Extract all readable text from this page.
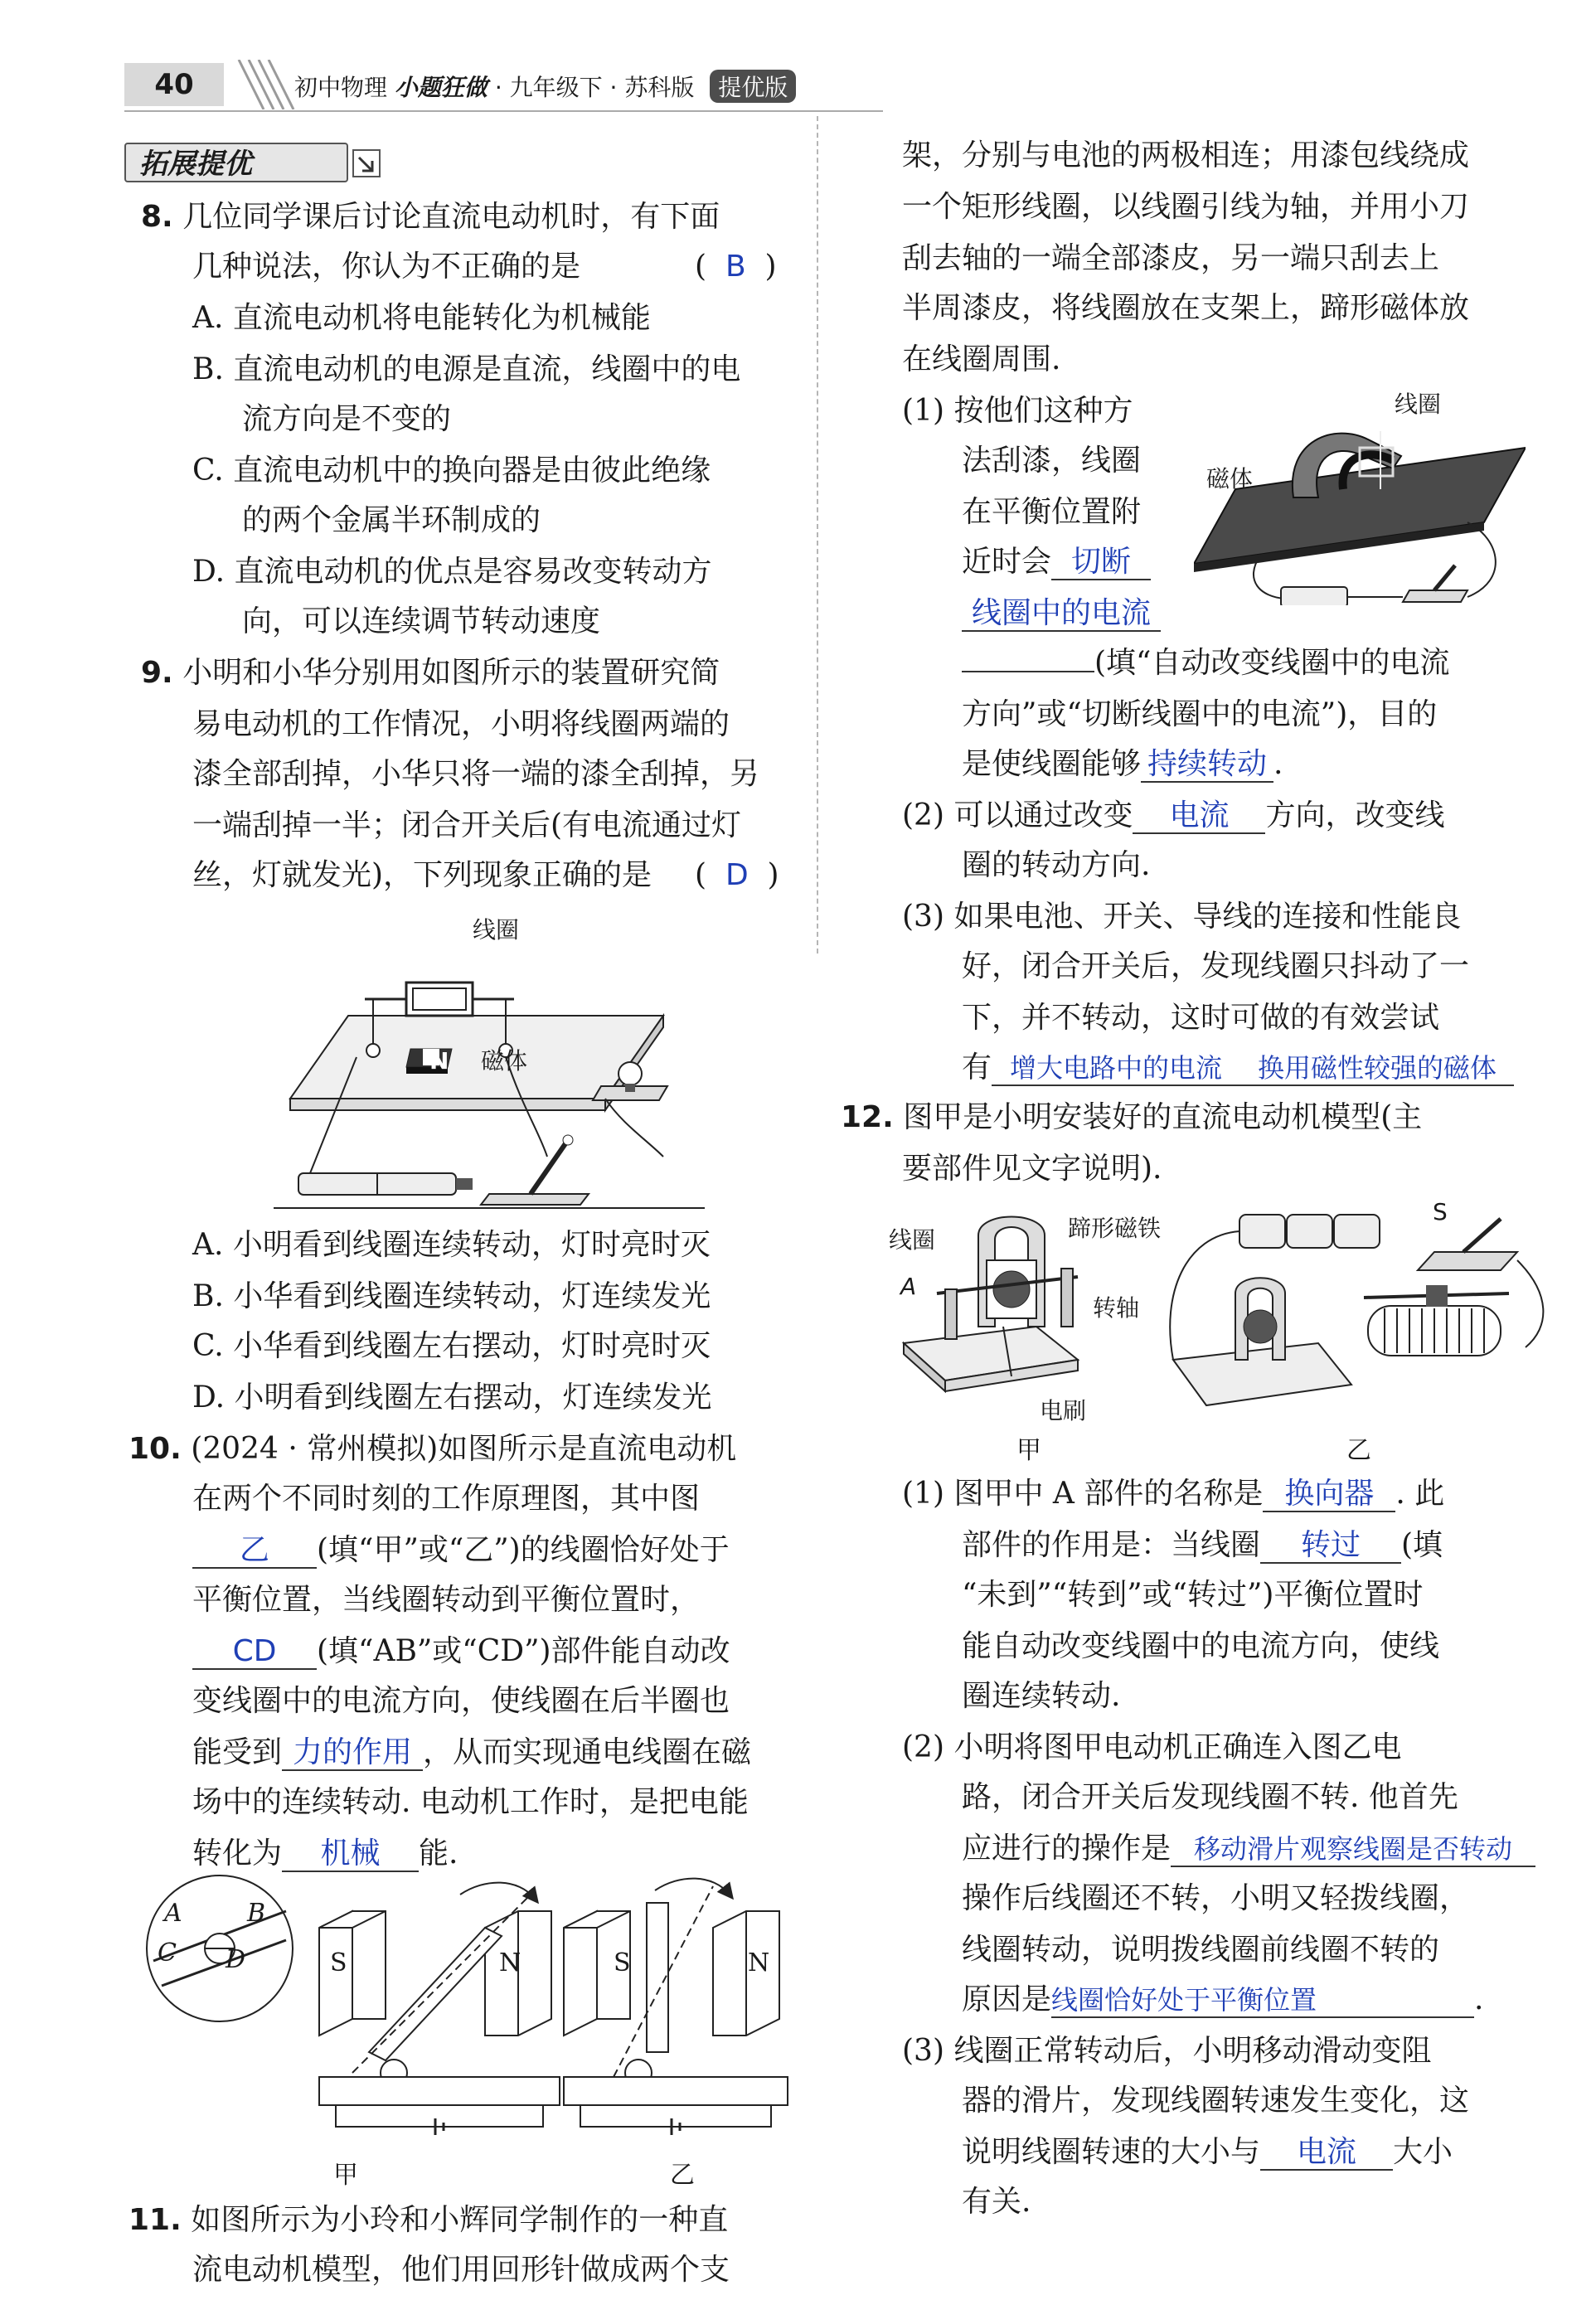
40	初中物理 小题狂做 · 九年级下 · 苏科版 提优版
拓展提优
8. 几位同学课后讨论直流电动机时，有下面
几种说法，你认为不正确的是	(  B  )
A. 直流电动机将电能转化为机械能
B. 直流电动机的电源是直流，线圈中的电
流方向是不变的
C. 直流电动机中的换向器是由彼此绝缘
的两个金属半环制成的
D. 直流电动机的优点是容易改变转动方
向，可以连续调节转动速度
9. 小明和小华分别用如图所示的装置研究简
易电动机的工作情况，小明将线圈两端的
漆全部刮掉，小华只将一端的漆全刮掉，另
一端刮掉一半；闭合开关后(有电流通过灯
丝，灯就发光)，下列现象正确的是 (  D  )
线圈
N 磁体
A. 小明看到线圈连续转动，灯时亮时灭
B. 小华看到线圈连续转动，灯连续发光
C. 小华看到线圈左右摆动，灯时亮时灭
D. 小明看到线圈左右摆动，灯连续发光
10. (2024 · 常州模拟)如图所示是直流电动机
在两个不同时刻的工作原理图，其中图
乙 (填“甲”或“乙”)的线圈恰好处于
平衡位置，当线圈转动到平衡位置时，
CD (填“AB”或“CD”)部件能自动改
变线圈中的电流方向，使线圈在后半圈也
能受到 力的作用 ，从而实现通电线圈在磁
场中的连续转动. 电动机工作时，是把电能
转化为 机械 能.
A	B
C D	S	N	S	N
甲	乙
11. 如图所示为小玲和小辉同学制作的一种直
流电动机模型，他们用回形针做成两个支
架，分别与电池的两极相连；用漆包线绕成
一个矩形线圈，以线圈引线为轴，并用小刀
刮去轴的一端全部漆皮，另一端只刮去上
半周漆皮，将线圈放在支架上，蹄形磁体放
在线圈周围.
线圈
磁体
(1) 按他们这种方
法刮漆，线圈
在平衡位置附
近时会 切断
线圈中的电流
(填“自动改变线圈中的电流
方向”或“切断线圈中的电流”)，目的
是使线圈能够 持续转动 .
(2) 可以通过改变 电流 方向，改变线
圈的转动方向.
(3) 如果电池、开关、导线的连接和性能良
好，闭合开关后，发现线圈只抖动了一
下，并不转动，这时可做的有效尝试
有 增大电路中的电流 换用磁性较强的磁体
12. 图甲是小明安装好的直流电动机模型(主
要部件见文字说明).
线圈	蹄形磁铁
A
转轴
电刷
S
甲	乙
(1) 图甲中 A 部件的名称是 换向器 . 此
部件的作用是：当线圈 转过 (填
“未到”“转到”或“转过”)平衡位置时
能自动改变线圈中的电流方向，使线
圈连续转动.
(2) 小明将图甲电动机正确连入图乙电
路，闭合开关后发现线圈不转. 他首先
应进行的操作是 移动滑片观察线圈是否转动
操作后线圈还不转，小明又轻拨线圈，
线圈转动，说明拨线圈前线圈不转的
原因是线圈恰好处于平衡位置	.
(3) 线圈正常转动后，小明移动滑动变阻
器的滑片，发现线圈转速发生变化，这
说明线圈转速的大小与 电流 大小
有关.
